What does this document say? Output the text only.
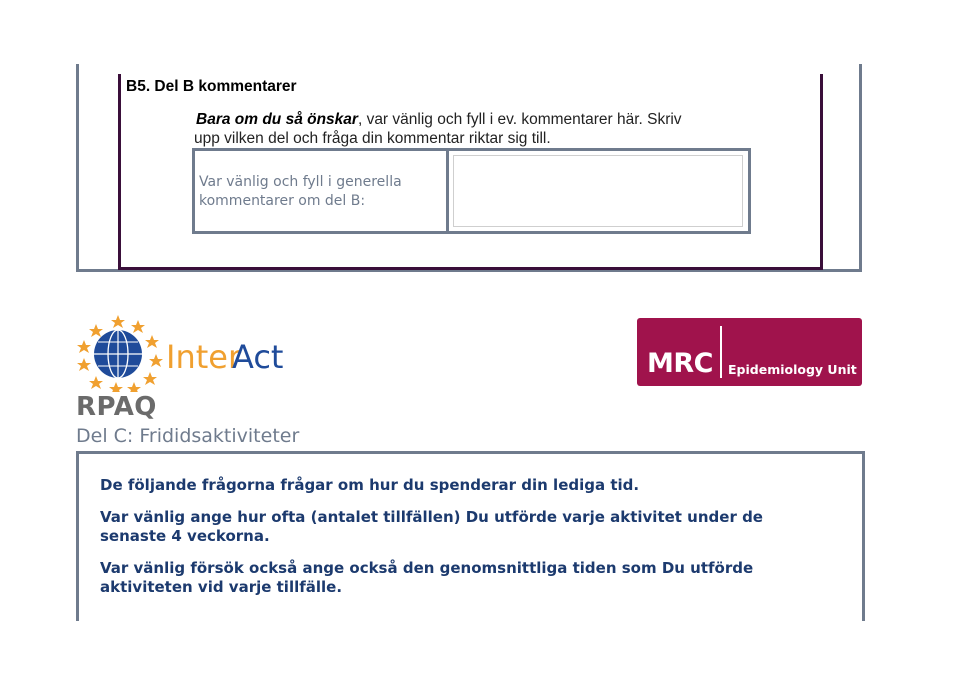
B5. Del B kommentarer
Bara om du så önskar, var vänlig och fyll i ev. kommentarer här. Skriv
upp vilken del och fråga din kommentar riktar sig till.
Var vänlig och fyll i generella kommentarer om del B:
Inter
Act	MRC Epidemiology Unit
RPAQ
Del C: Frididsaktiviteter
De följande frågorna frågar om hur du spenderar din lediga tid.
Var vänlig ange hur ofta (antalet tillfällen) Du utförde varje aktivitet under de senaste 4 veckorna.
Var vänlig försök också ange också den genomsnittliga tiden som Du utförde aktiviteten vid varje tillfälle.
